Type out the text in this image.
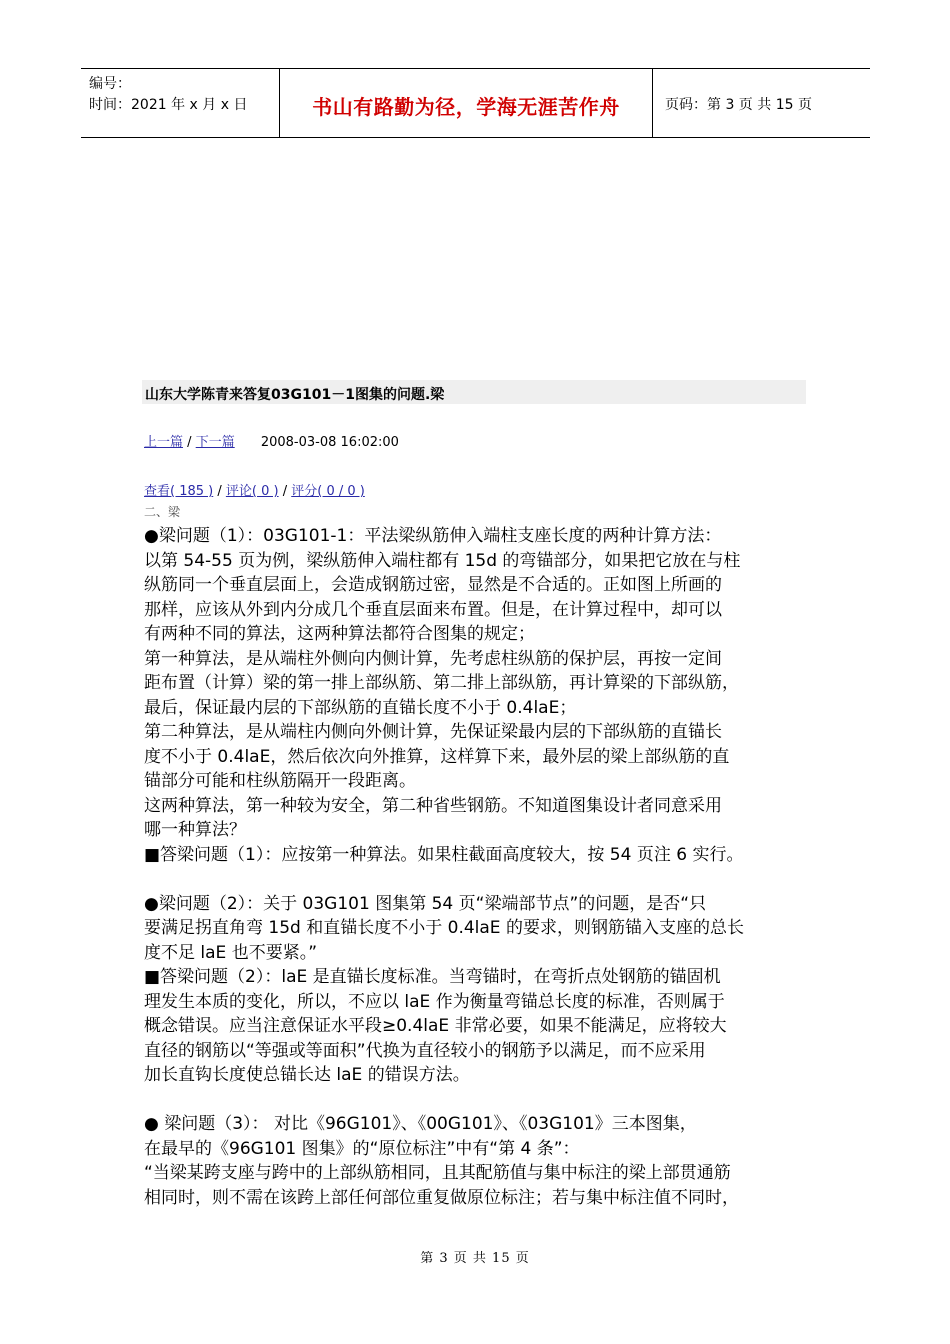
编号：
时间：2021 年 x 月 x 日	书山有路勤为径，学海无涯苦作舟	页码：第 3 页 共 15 页
山东大学陈青来答复03G101－1图集的问题.梁
上一篇 / 下一篇 2008-03-08 16:02:00
查看( 185 ) / 评论( 0 ) / 评分( 0 / 0 )
二、梁

●梁问题（1）：03G101-1：平法梁纵筋伸入端柱支座长度的两种计算方法：

以第 54-55 页为例，梁纵筋伸入端柱都有 15d 的弯锚部分，如果把它放在与柱

纵筋同一个垂直层面上，会造成钢筋过密，显然是不合适的。正如图上所画的

那样，应该从外到内分成几个垂直层面来布置。但是，在计算过程中，却可以

有两种不同的算法，这两种算法都符合图集的规定；

第一种算法，是从端柱外侧向内侧计算，先考虑柱纵筋的保护层，再按一定间

距布置（计算）梁的第一排上部纵筋、第二排上部纵筋，再计算梁的下部纵筋，

最后，保证最内层的下部纵筋的直锚长度不小于 0.4laE；

第二种算法，是从端柱内侧向外侧计算，先保证梁最内层的下部纵筋的直锚长

度不小于 0.4laE，然后依次向外推算，这样算下来，最外层的梁上部纵筋的直

锚部分可能和柱纵筋隔开一段距离。

这两种算法，第一种较为安全，第二种省些钢筋。不知道图集设计者同意采用

哪一种算法？

■答梁问题（1）：应按第一种算法。如果柱截面高度较大，按 54 页注 6 实行。

●梁问题（2）：关于 03G101 图集第 54 页“梁端部节点”的问题，是否“只

要满足拐直角弯 15d 和直锚长度不小于 0.4laE 的要求，则钢筋锚入支座的总长

度不足 laE 也不要紧。”

■答梁问题（2）：laE 是直锚长度标准。当弯锚时，在弯折点处钢筋的锚固机

理发生本质的变化，所以，不应以 laE 作为衡量弯锚总长度的标准，否则属于

概念错误。应当注意保证水平段≥0.4laE 非常必要，如果不能满足，应将较大

直径的钢筋以“等强或等面积”代换为直径较小的钢筋予以满足，而不应采用

加长直钩长度使总锚长达 laE 的错误方法。

● 梁问题（3）： 对比《96G101》、《00G101》、《03G101》三本图集，

在最早的《96G101 图集》的“原位标注”中有“第 4 条”：

“当梁某跨支座与跨中的上部纵筋相同，且其配筋值与集中标注的梁上部贯通筋

相同时，则不需在该跨上部任何部位重复做原位标注；若与集中标注值不同时，

第 3 页 共 15 页
